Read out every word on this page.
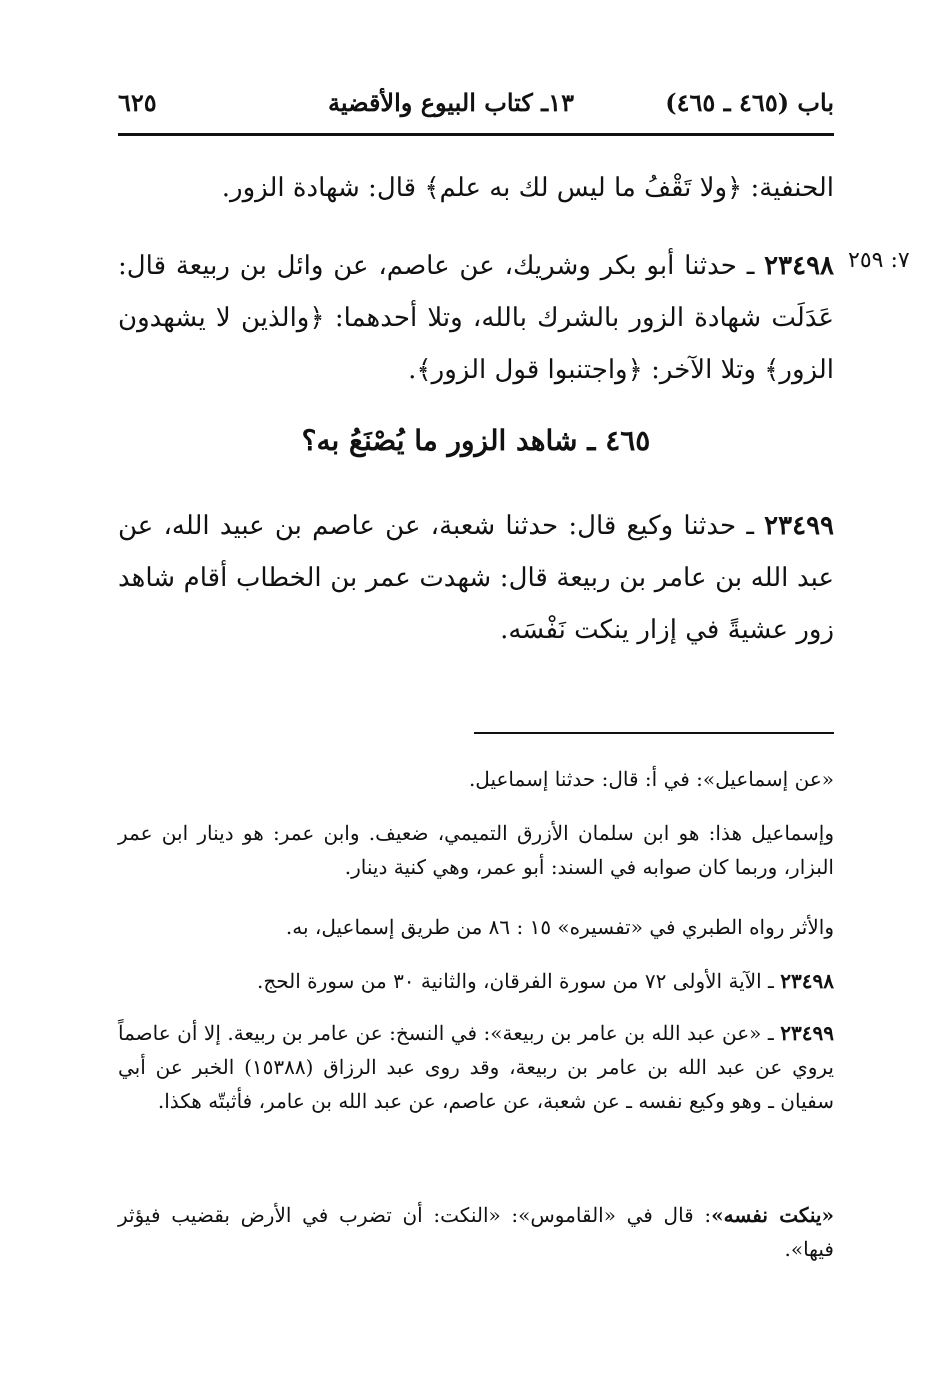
باب (٤٦٥ ـ ٤٦٥)
١٣ـ كتاب البيوع والأقضية
٦٢٥
الحنفية: ﴿ولا تَقْفُ ما ليس لك به علم﴾ قال: شهادة الزور.
٧: ٢٥٩
٢٣٤٩٨ ـ حدثنا أبو بكر وشريك، عن عاصم، عن وائل بن ربيعة قال: عَدَلَت شهادة الزور بالشرك بالله، وتلا أحدهما: ﴿والذين لا يشهدون الزور﴾ وتلا الآخر: ﴿واجتنبوا قول الزور﴾.
٤٦٥ ـ شاهد الزور ما يُصْنَعُ به؟
٢٣٤٩٩ ـ حدثنا وكيع قال: حدثنا شعبة، عن عاصم بن عبيد الله، عن عبد الله بن عامر بن ربيعة قال: شهدت عمر بن الخطاب أقام شاهد زور عشيةً في إزار ينكت نَفْسَه.
«عن إسماعيل»: في أ: قال: حدثنا إسماعيل.
وإسماعيل هذا: هو ابن سلمان الأزرق التميمي، ضعيف. وابن عمر: هو دينار ابن عمر البزار، وربما كان صوابه في السند: أبو عمر، وهي كنية دينار.
والأثر رواه الطبري في «تفسيره» ١٥ : ٨٦ من طريق إسماعيل، به.
٢٣٤٩٨ ـ الآية الأولى ٧٢ من سورة الفرقان، والثانية ٣٠ من سورة الحج.
٢٣٤٩٩ ـ «عن عبد الله بن عامر بن ربيعة»: في النسخ: عن عامر بن ربيعة. إلا أن عاصماً يروي عن عبد الله بن عامر بن ربيعة، وقد روى عبد الرزاق (١٥٣٨٨) الخبر عن أبي سفيان ـ وهو وكيع نفسه ـ عن شعبة، عن عاصم، عن عبد الله بن عامر، فأثبتّه هكذا.
«ينكت نفسه»: قال في «القاموس»: «النكت: أن تضرب في الأرض بقضيب فيؤثر فيها».
